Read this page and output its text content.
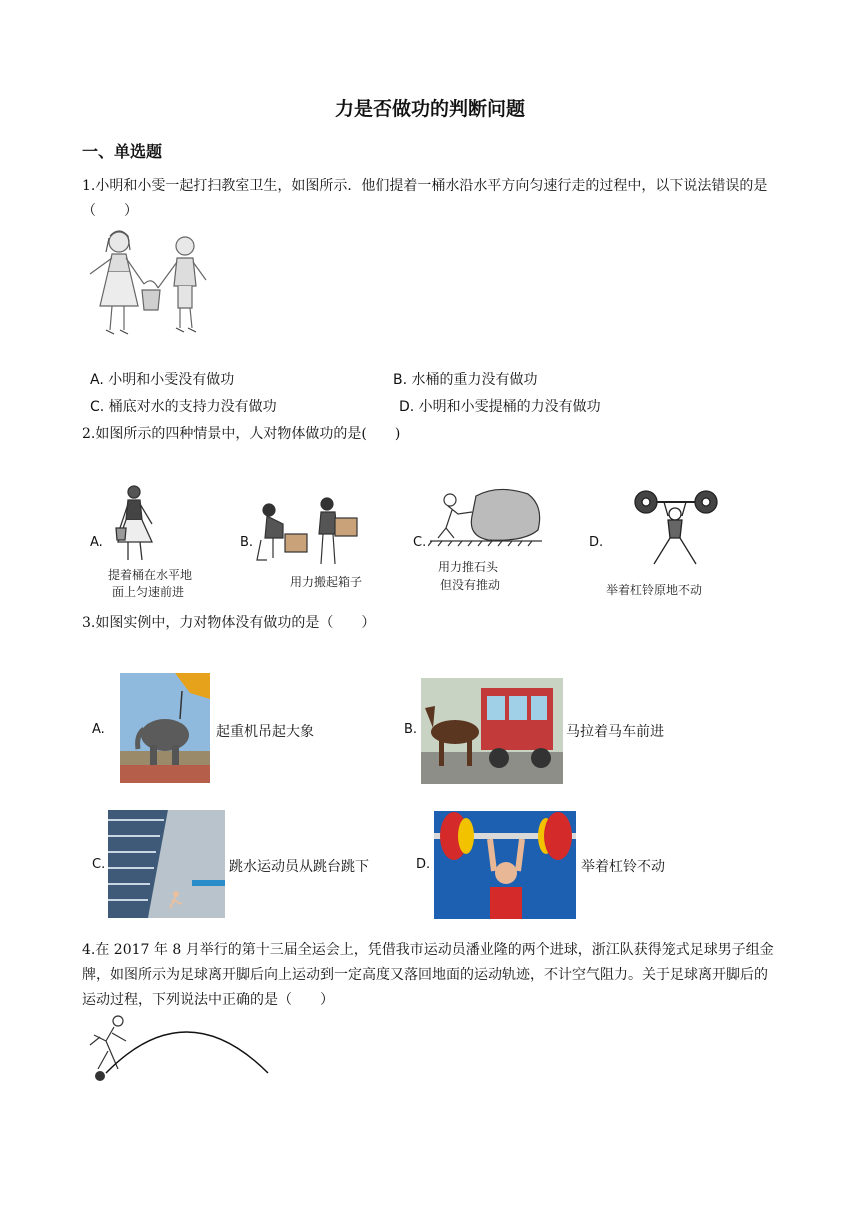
力是否做功的判断问题
一、单选题
1.小明和小雯一起打扫教室卫生，如图所示．他们提着一桶水沿水平方向匀速行走的过程中，以下说法错误的是（　　）
A. 小明和小雯没有做功	B. 水桶的重力没有做功
C. 桶底对水的支持力没有做功	D. 小明和小雯提桶的力没有做功
2.如图所示的四种情景中，人对物体做功的是(　　)
A.
提着桶在水平地
面上匀速前进
B.
用力搬起箱子
C.
用力推石头
但没有推动
D.
举着杠铃原地不动
3.如图实例中，力对物体没有做功的是（　　）
A.	起重机吊起大象	B.	马拉着马车前进
C.	跳水运动员从跳台跳下	D.	举着杠铃不动
4.在 2017 年 8 月举行的第十三届全运会上，凭借我市运动员潘业隆的两个进球，浙江队获得笼式足球男子组金牌，如图所示为足球离开脚后向上运动到一定高度又落回地面的运动轨迹，不计空气阻力。关于足球离开脚后的运动过程，下列说法中正确的是（　　）
